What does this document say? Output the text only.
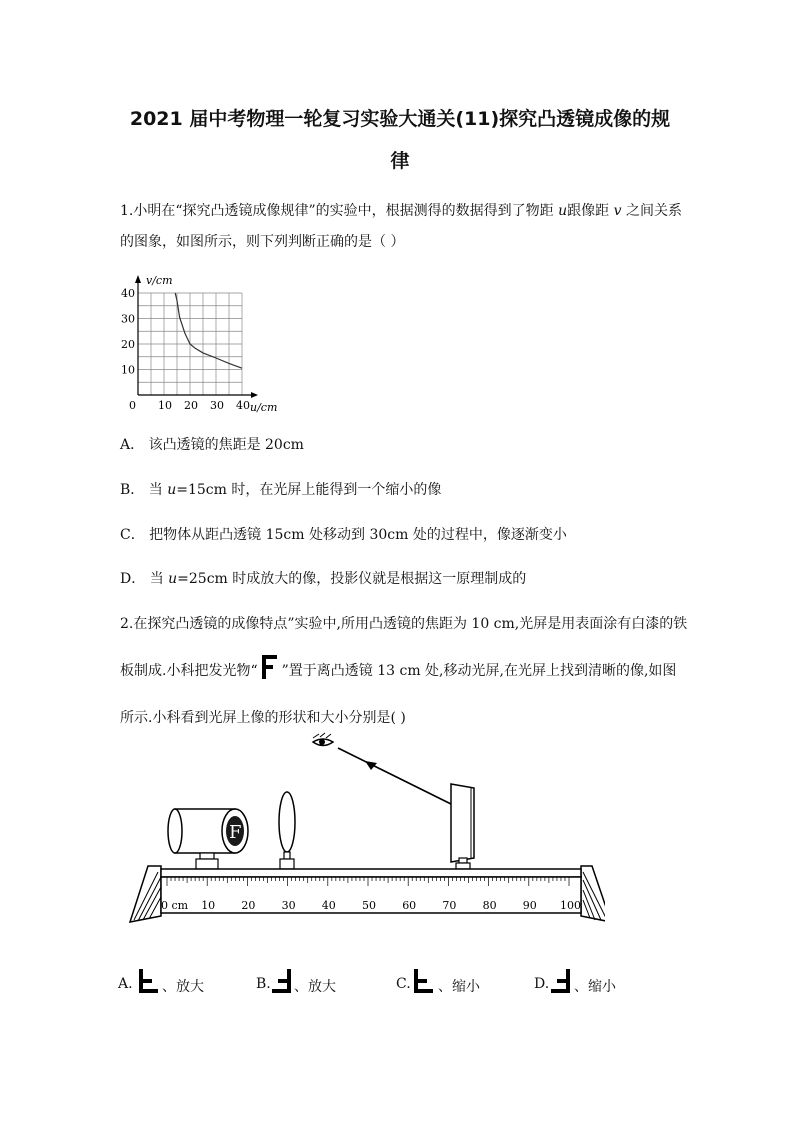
2021 届中考物理一轮复习实验大通关(11)探究凸透镜成像的规
律
1.小明在“探究凸透镜成像规律”的实验中，根据测得的数据得到了物距 u跟像距 v 之间关系
的图象，如图所示，则下列判断正确的是（ ）
0 10 20 30 40
10
20
30
40
v/cm
u/cm
A． 该凸透镜的焦距是 20cm
B． 当 u=15cm 时，在光屏上能得到一个缩小的像
C． 把物体从距凸透镜 15cm 处移动到 30cm 处的过程中，像逐渐变小
D． 当 u=25cm 时成放大的像，投影仪就是根据这一原理制成的
2.在探究凸透镜的成像特点”实验中,所用凸透镜的焦距为 10 cm,光屏是用表面涂有白漆的铁
板制成.小科把发光物“ ”置于离凸透镜 13 cm 处,移动光屏,在光屏上找到清晰的像,如图
所示.小科看到光屏上像的形状和大小分别是( )
F
0 cm 10 20 30 40 50 60 70 80 90 100
A. 、放大	B. 、放大	C. 、缩小	D. 、缩小
